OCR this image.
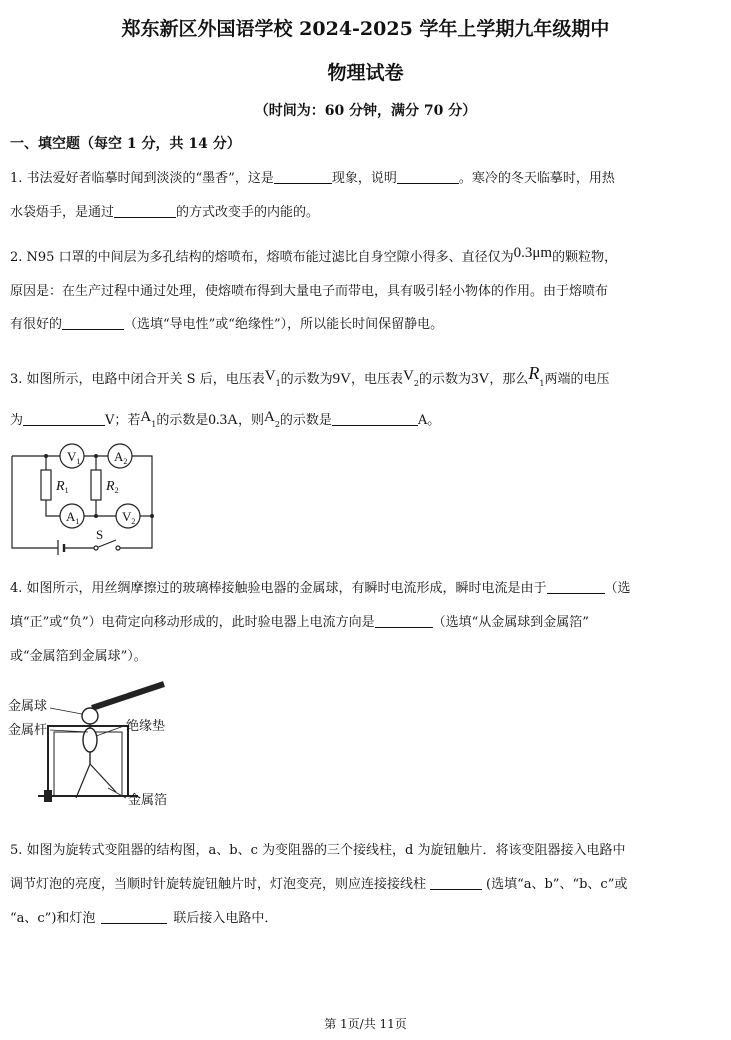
郑东新区外国语学校 2024-2025 学年上学期九年级期中
物理试卷
（时间为：60 分钟，满分 70 分）
一、填空题（每空 1 分，共 14 分）
1. 书法爱好者临摹时闻到淡淡的“墨香”，这是	现象，说明	。寒冷的冬天临摹时，用热
水袋焐手，是通过	的方式改变手的内能的。
2. N95 口罩的中间层为多孔结构的熔喷布，熔喷布能过滤比自身空隙小得多、直径仅为0.3μm的颗粒物，
原因是：在生产过程中通过处理，使熔喷布得到大量电子而带电，具有吸引轻小物体的作用。由于熔喷布
有很好的	（选填“导电性”或“绝缘性”），所以能长时间保留静电。
3. 如图所示，电路中闭合开关 S 后，电压表$V_1$的示数为9V，电压表$V_2$的示数为3V，那么$R_1$两端的电压
为	V；若$A_1$的示数是0.3A，则$A_2$的示数是	A。
$V_1$	$A_2$
$A_1$	$V_2$
$R_1$	$R_2$
S
4. 如图所示，用丝绸摩擦过的玻璃棒接触验电器的金属球，有瞬时电流形成，瞬时电流是由于	（选
填“正”或“负”）电荷定向移动形成的，此时验电器上电流方向是	（选填“从金属球到金属箔”
或“金属箔到金属球”）。
金属球
金属杆	绝缘垫
金属箔
5. 如图为旋转式变阻器的结构图，a、b、c 为变阻器的三个接线柱，d 为旋钮触片．将该变阻器接入电路中
调节灯泡的亮度，当顺时针旋转旋钮触片时，灯泡变亮，则应连接接线柱	(选填“a、b”、“b、c”或
“a、c”)和灯泡	联后接入电路中．
第 1页/共 11页
